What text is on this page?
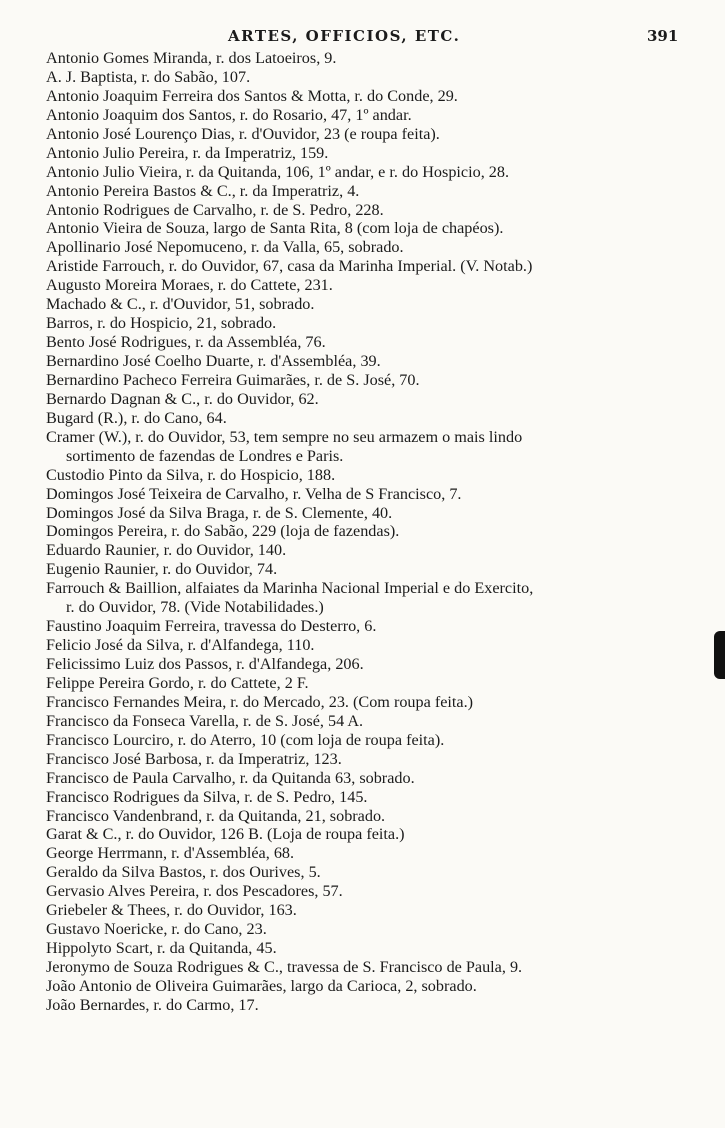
ARTES, OFFICIOS, ETC.	391
Antonio Gomes Miranda, r. dos Latoeiros, 9.
A. J. Baptista, r. do Sabão, 107.
Antonio Joaquim Ferreira dos Santos & Motta, r. do Conde, 29.
Antonio Joaquim dos Santos, r. do Rosario, 47, 1º andar.
Antonio José Lourenço Dias, r. d'Ouvidor, 23 (e roupa feita).
Antonio Julio Pereira, r. da Imperatriz, 159.
Antonio Julio Vieira, r. da Quitanda, 106, 1º andar, e r. do Hospicio, 28.
Antonio Pereira Bastos & C., r. da Imperatriz, 4.
Antonio Rodrigues de Carvalho, r. de S. Pedro, 228.
Antonio Vieira de Souza, largo de Santa Rita, 8 (com loja de chapéos).
Apollinario José Nepomuceno, r. da Valla, 65, sobrado.
Aristide Farrouch, r. do Ouvidor, 67, casa da Marinha Imperial. (V. Notab.)
Augusto Moreira Moraes, r. do Cattete, 231.
Machado & C., r. d'Ouvidor, 51, sobrado.
Barros, r. do Hospicio, 21, sobrado.
Bento José Rodrigues, r. da Assembléa, 76.
Bernardino José Coelho Duarte, r. d'Assembléa, 39.
Bernardino Pacheco Ferreira Guimarães, r. de S. José, 70.
Bernardo Dagnan & C., r. do Ouvidor, 62.
Bugard (R.), r. do Cano, 64.
Cramer (W.), r. do Ouvidor, 53, tem sempre no seu armazem o mais lindo
sortimento de fazendas de Londres e Paris.
Custodio Pinto da Silva, r. do Hospicio, 188.
Domingos José Teixeira de Carvalho, r. Velha de S Francisco, 7.
Domingos José da Silva Braga, r. de S. Clemente, 40.
Domingos Pereira, r. do Sabão, 229 (loja de fazendas).
Eduardo Raunier, r. do Ouvidor, 140.
Eugenio Raunier, r. do Ouvidor, 74.
Farrouch & Baillion, alfaiates da Marinha Nacional Imperial e do Exercito,
r. do Ouvidor, 78. (Vide Notabilidades.)
Faustino Joaquim Ferreira, travessa do Desterro, 6.
Felicio José da Silva, r. d'Alfandega, 110.
Felicissimo Luiz dos Passos, r. d'Alfandega, 206.
Felippe Pereira Gordo, r. do Cattete, 2 F.
Francisco Fernandes Meira, r. do Mercado, 23. (Com roupa feita.)
Francisco da Fonseca Varella, r. de S. José, 54 A.
Francisco Lourciro, r. do Aterro, 10 (com loja de roupa feita).
Francisco José Barbosa, r. da Imperatriz, 123.
Francisco de Paula Carvalho, r. da Quitanda 63, sobrado.
Francisco Rodrigues da Silva, r. de S. Pedro, 145.
Francisco Vandenbrand, r. da Quitanda, 21, sobrado.
Garat & C., r. do Ouvidor, 126 B. (Loja de roupa feita.)
George Herrmann, r. d'Assembléa, 68.
Geraldo da Silva Bastos, r. dos Ourives, 5.
Gervasio Alves Pereira, r. dos Pescadores, 57.
Griebeler & Thees, r. do Ouvidor, 163.
Gustavo Noericke, r. do Cano, 23.
Hippolyto Scart, r. da Quitanda, 45.
Jeronymo de Souza Rodrigues & C., travessa de S. Francisco de Paula, 9.
João Antonio de Oliveira Guimarães, largo da Carioca, 2, sobrado.
João Bernardes, r. do Carmo, 17.
